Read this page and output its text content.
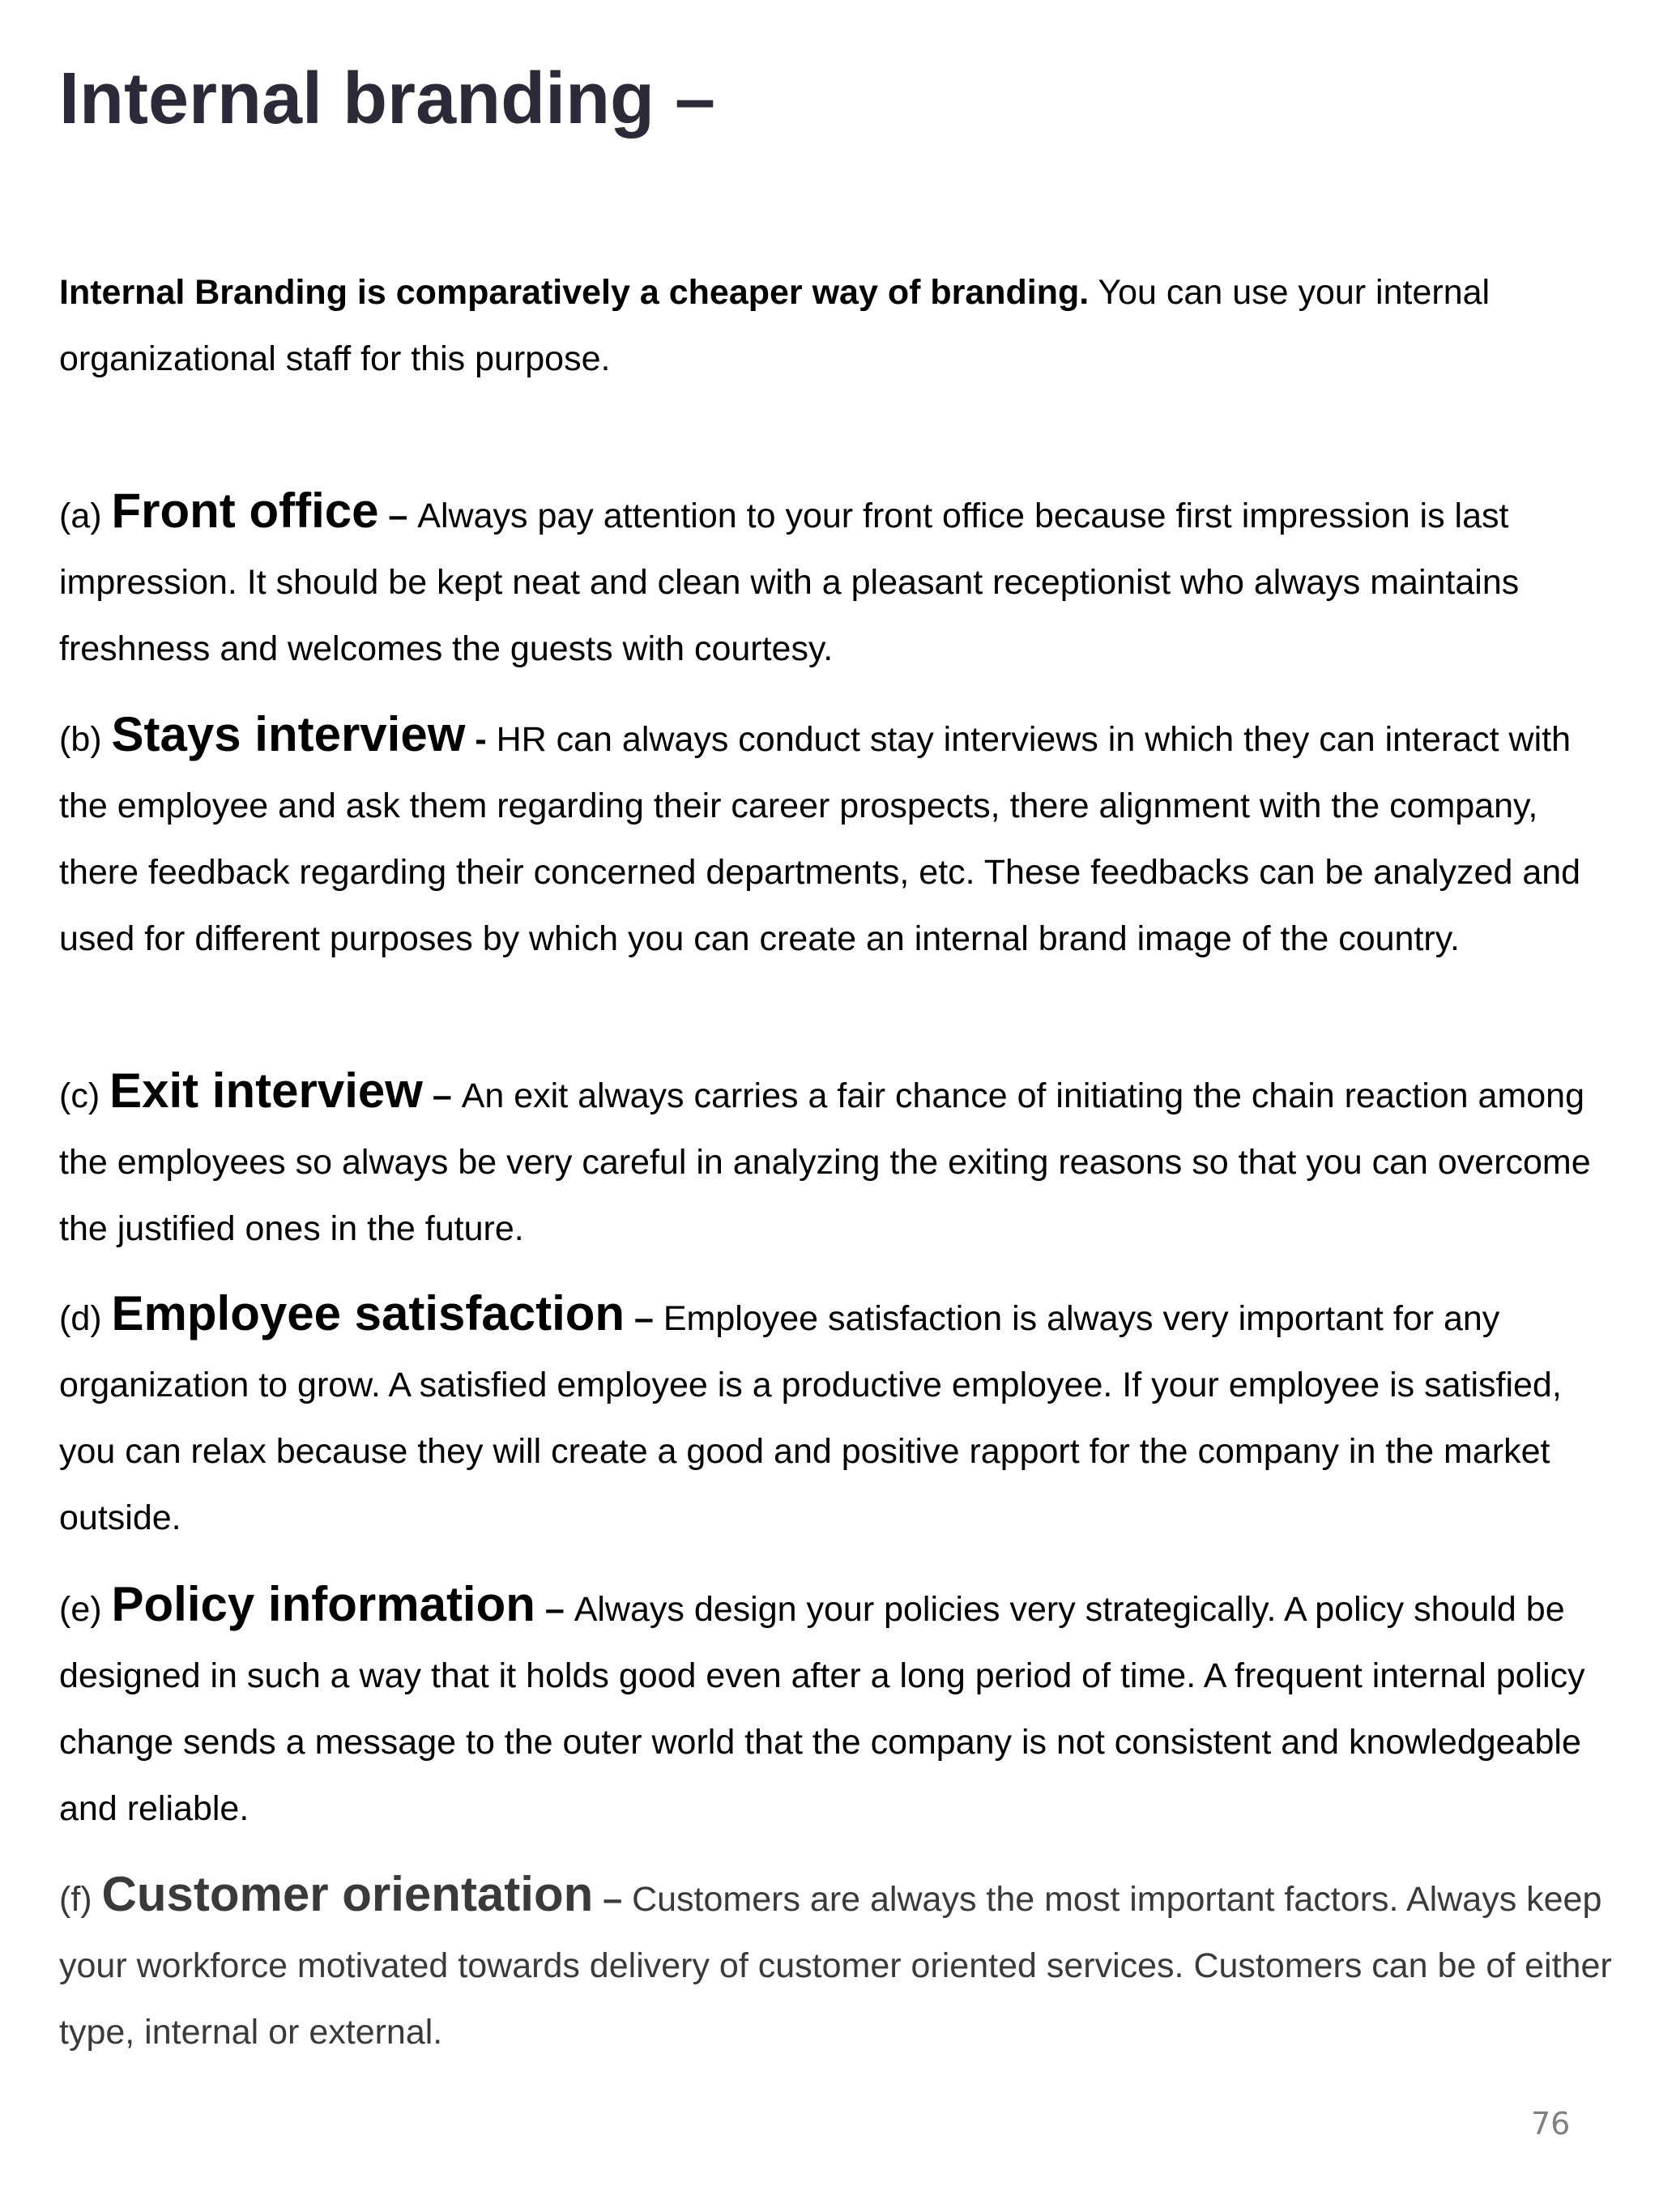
Internal branding –

Internal Branding is comparatively a cheaper way of branding. You can use your internal organizational staff for this purpose.

(a) Front office – Always pay attention to your front office because first impression is last impression. It should be kept neat and clean with a pleasant receptionist who always maintains freshness and welcomes the guests with courtesy.

(b) Stays interview - HR can always conduct stay interviews in which they can interact with the employee and ask them regarding their career prospects, there alignment with the company, there feedback regarding their concerned departments, etc. These feedbacks can be analyzed and used for different purposes by which you can create an internal brand image of the country.

(c) Exit interview – An exit always carries a fair chance of initiating the chain reaction among the employees so always be very careful in analyzing the exiting reasons so that you can overcome the justified ones in the future.

(d) Employee satisfaction – Employee satisfaction is always very important for any organization to grow. A satisfied employee is a productive employee. If your employee is satisfied, you can relax because they will create a good and positive rapport for the company in the market outside.

(e) Policy information – Always design your policies very strategically. A policy should be designed in such a way that it holds good even after a long period of time. A frequent internal policy change sends a message to the outer world that the company is not consistent and knowledgeable and reliable.

(f) Customer orientation – Customers are always the most important factors. Always keep your workforce motivated towards delivery of customer oriented services. Customers can be of either type, internal or external.

76
